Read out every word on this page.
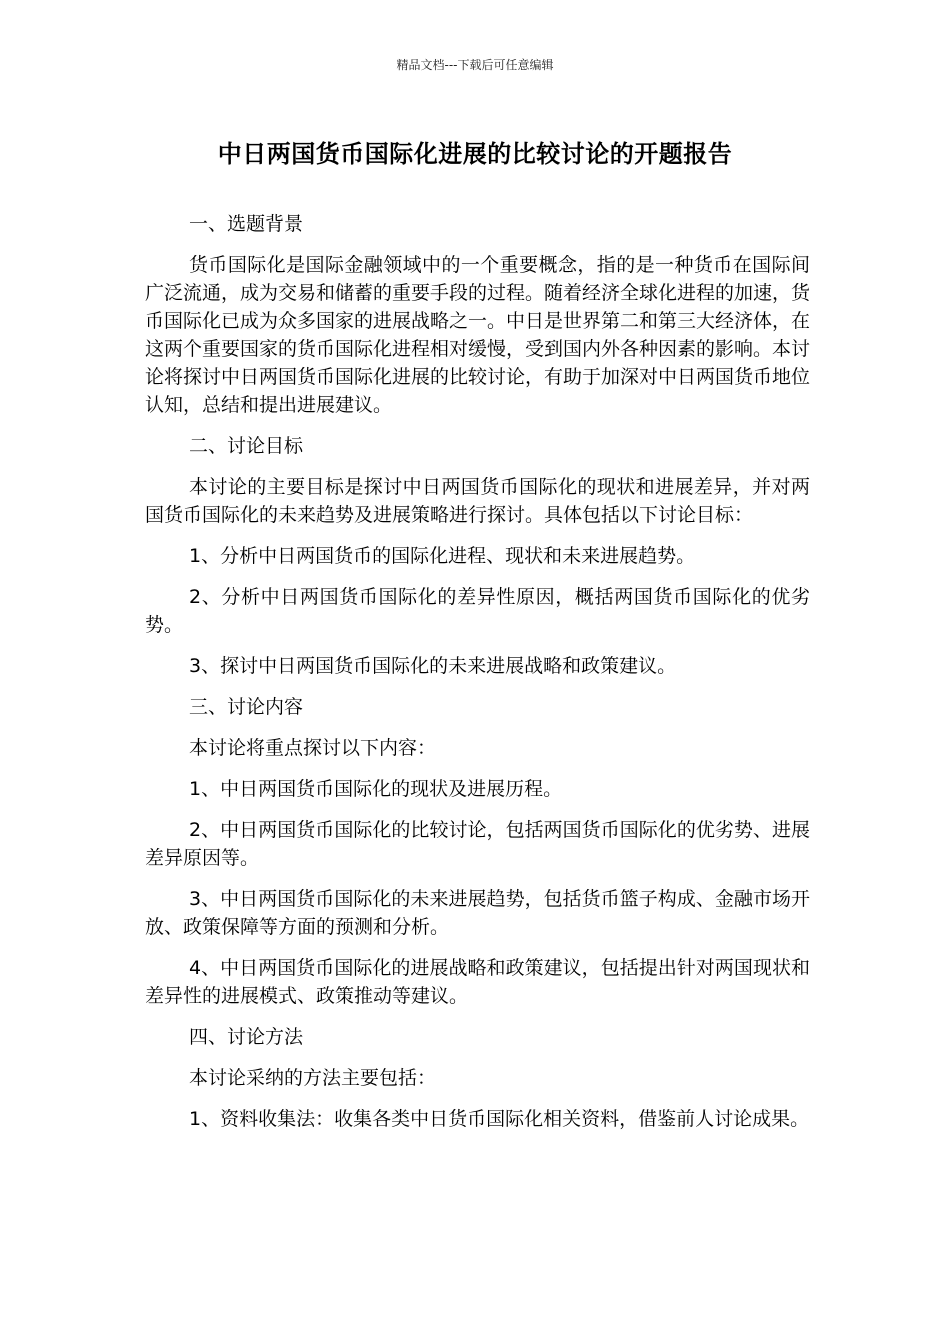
精品文档---下载后可任意编辑
中日两国货币国际化进展的比较讨论的开题报告

一、选题背景

货币国际化是国际金融领域中的一个重要概念，指的是一种货币在国际间广泛流通，成为交易和储蓄的重要手段的过程。随着经济全球化进程的加速，货币国际化已成为众多国家的进展战略之一。中日是世界第二和第三大经济体，在这两个重要国家的货币国际化进程相对缓慢，受到国内外各种因素的影响。本讨论将探讨中日两国货币国际化进展的比较讨论，有助于加深对中日两国货币地位认知，总结和提出进展建议。

二、讨论目标

本讨论的主要目标是探讨中日两国货币国际化的现状和进展差异，并对两国货币国际化的未来趋势及进展策略进行探讨。具体包括以下讨论目标：

1、分析中日两国货币的国际化进程、现状和未来进展趋势。

2、分析中日两国货币国际化的差异性原因，概括两国货币国际化的优劣势。

3、探讨中日两国货币国际化的未来进展战略和政策建议。

三、讨论内容

本讨论将重点探讨以下内容：

1、中日两国货币国际化的现状及进展历程。

2、中日两国货币国际化的比较讨论，包括两国货币国际化的优劣势、进展差异原因等。

3、中日两国货币国际化的未来进展趋势，包括货币篮子构成、金融市场开放、政策保障等方面的预测和分析。

4、中日两国货币国际化的进展战略和政策建议，包括提出针对两国现状和差异性的进展模式、政策推动等建议。

四、讨论方法

本讨论采纳的方法主要包括：

1、资料收集法：收集各类中日货币国际化相关资料，借鉴前人讨论成果。
